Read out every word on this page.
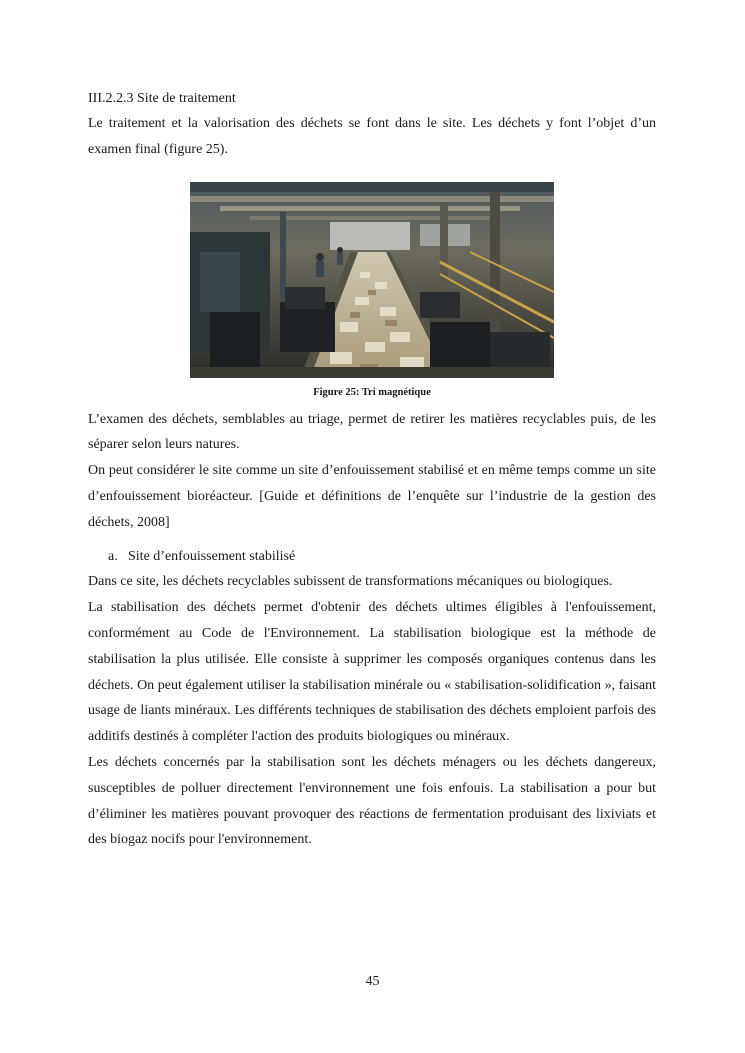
III.2.2.3 Site de traitement

Le traitement et la valorisation des déchets se font dans le site. Les déchets y font l’objet d’un examen final (figure 25).

Figure 25: Tri magnétique

L’examen des déchets, semblables au triage, permet de retirer les matières recyclables puis, de les séparer selon leurs natures.

On peut considérer le site comme un site d’enfouissement stabilisé et en même temps comme un site d’enfouissement bioréacteur. [Guide et définitions de l’enquête sur l’industrie de la gestion des déchets, 2008]

a. Site d’enfouissement stabilisé

Dans ce site, les déchets recyclables subissent de transformations mécaniques ou biologiques.

La stabilisation des déchets permet d'obtenir des déchets ultimes éligibles à l'enfouissement, conformément au Code de l'Environnement. La stabilisation biologique est la méthode de stabilisation la plus utilisée. Elle consiste à supprimer les composés organiques contenus dans les déchets. On peut également utiliser la stabilisation minérale ou « stabilisation-solidification », faisant usage de liants minéraux. Les différents techniques de stabilisation des déchets emploient parfois des additifs destinés à compléter l'action des produits biologiques ou minéraux.

Les déchets concernés par la stabilisation sont les déchets ménagers ou les déchets dangereux, susceptibles de polluer directement l'environnement une fois enfouis. La stabilisation a pour but d’éliminer les matières pouvant provoquer des réactions de fermentation produisant des lixiviats et des biogaz nocifs pour l'environnement.

45
